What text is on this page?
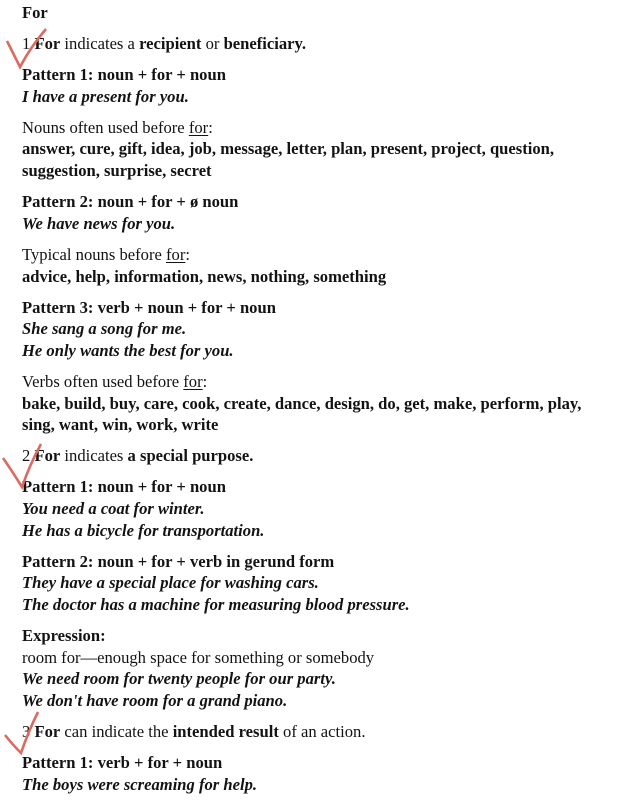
For
1 For indicates a recipient or beneficiary.
Pattern 1: noun + for + noun
I have a present for you.
Nouns often used before for:
answer, cure, gift, idea, job, message, letter, plan, present, project, question,
suggestion, surprise, secret
Pattern 2: noun + for + ø noun
We have news for you.
Typical nouns before for:
advice, help, information, news, nothing, something
Pattern 3: verb + noun + for + noun
She sang a song for me.
He only wants the best for you.
Verbs often used before for:
bake, build, buy, care, cook, create, dance, design, do, get, make, perform, play,
sing, want, win, work, write
2 For indicates a special purpose.
Pattern 1: noun + for + noun
You need a coat for winter.
He has a bicycle for transportation.
Pattern 2: noun + for + verb in gerund form
They have a special place for washing cars.
The doctor has a machine for measuring blood pressure.
Expression:
room for—enough space for something or somebody
We need room for twenty people for our party.
We don't have room for a grand piano.
3 For can indicate the intended result of an action.
Pattern 1: verb + for + noun
The boys were screaming for help.
